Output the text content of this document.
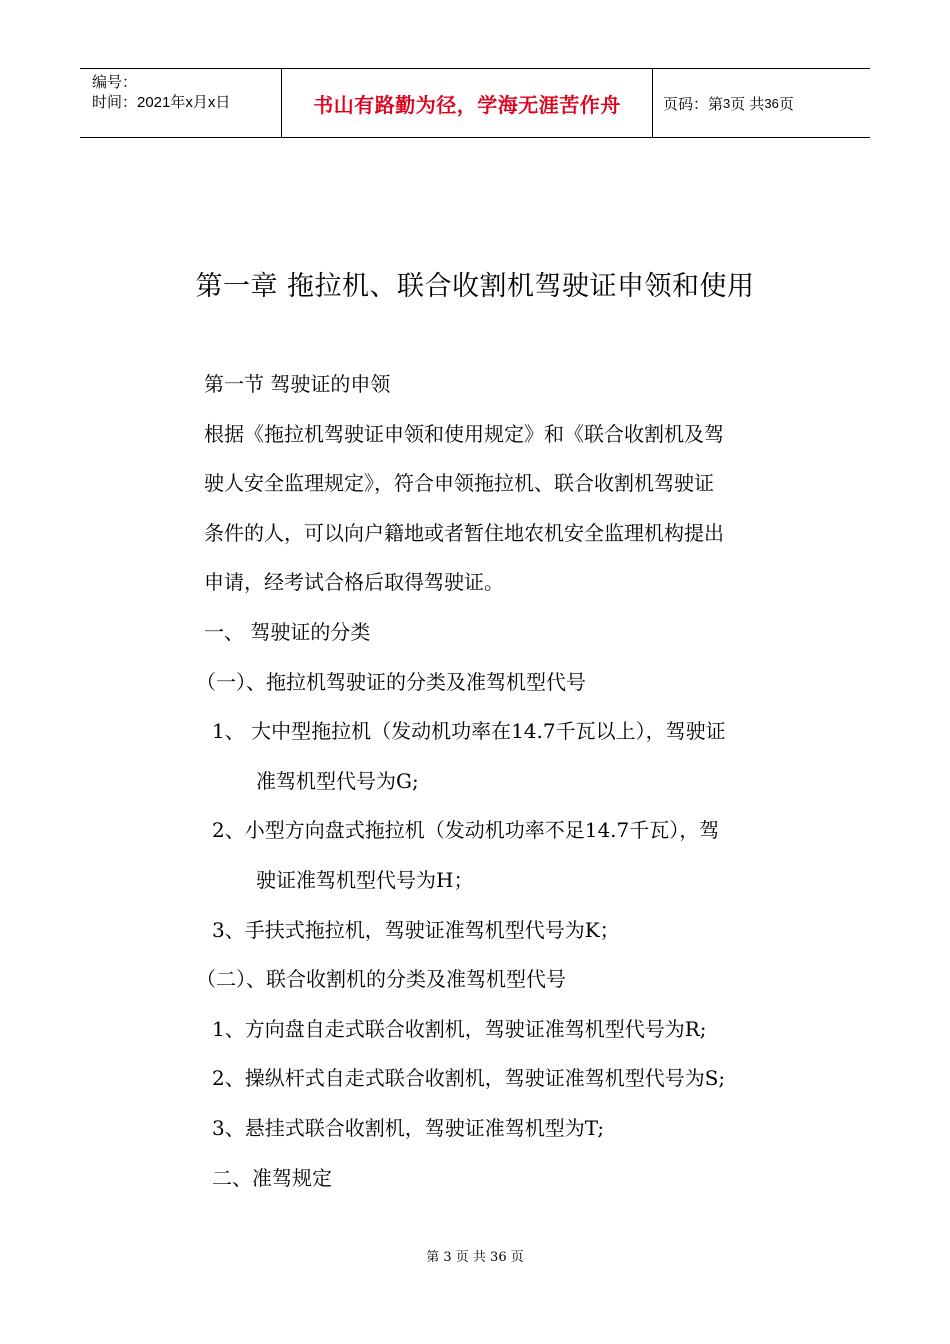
编号：
时间：2021年x月x日	书山有路勤为径，学海无涯苦作舟	页码：第 3 页 共 36 页
第一章 拖拉机、联合收割机驾驶证申领和使用
第一节 驾驶证的申领
根据《拖拉机驾驶证申领和使用规定》和《联合收割机及驾
驶人安全监理规定》，符合申领拖拉机、联合收割机驾驶证
条件的人，可以向户籍地或者暂住地农机安全监理机构提出
申请，经考试合格后取得驾驶证。
一、 驾驶证的分类
（一）、拖拉机驾驶证的分类及准驾机型代号
1、 大中型拖拉机（发动机功率在14.7千瓦以上），驾驶证
准驾机型代号为G;
2、小型方向盘式拖拉机（发动机功率不足14.7千瓦），驾
驶证准驾机型代号为H；
3、手扶式拖拉机，驾驶证准驾机型代号为K；
（二）、联合收割机的分类及准驾机型代号
1、方向盘自走式联合收割机，驾驶证准驾机型代号为R;
2、操纵杆式自走式联合收割机，驾驶证准驾机型代号为S;
3、悬挂式联合收割机，驾驶证准驾机型为T;
二、准驾规定
第 3 页 共 36 页
